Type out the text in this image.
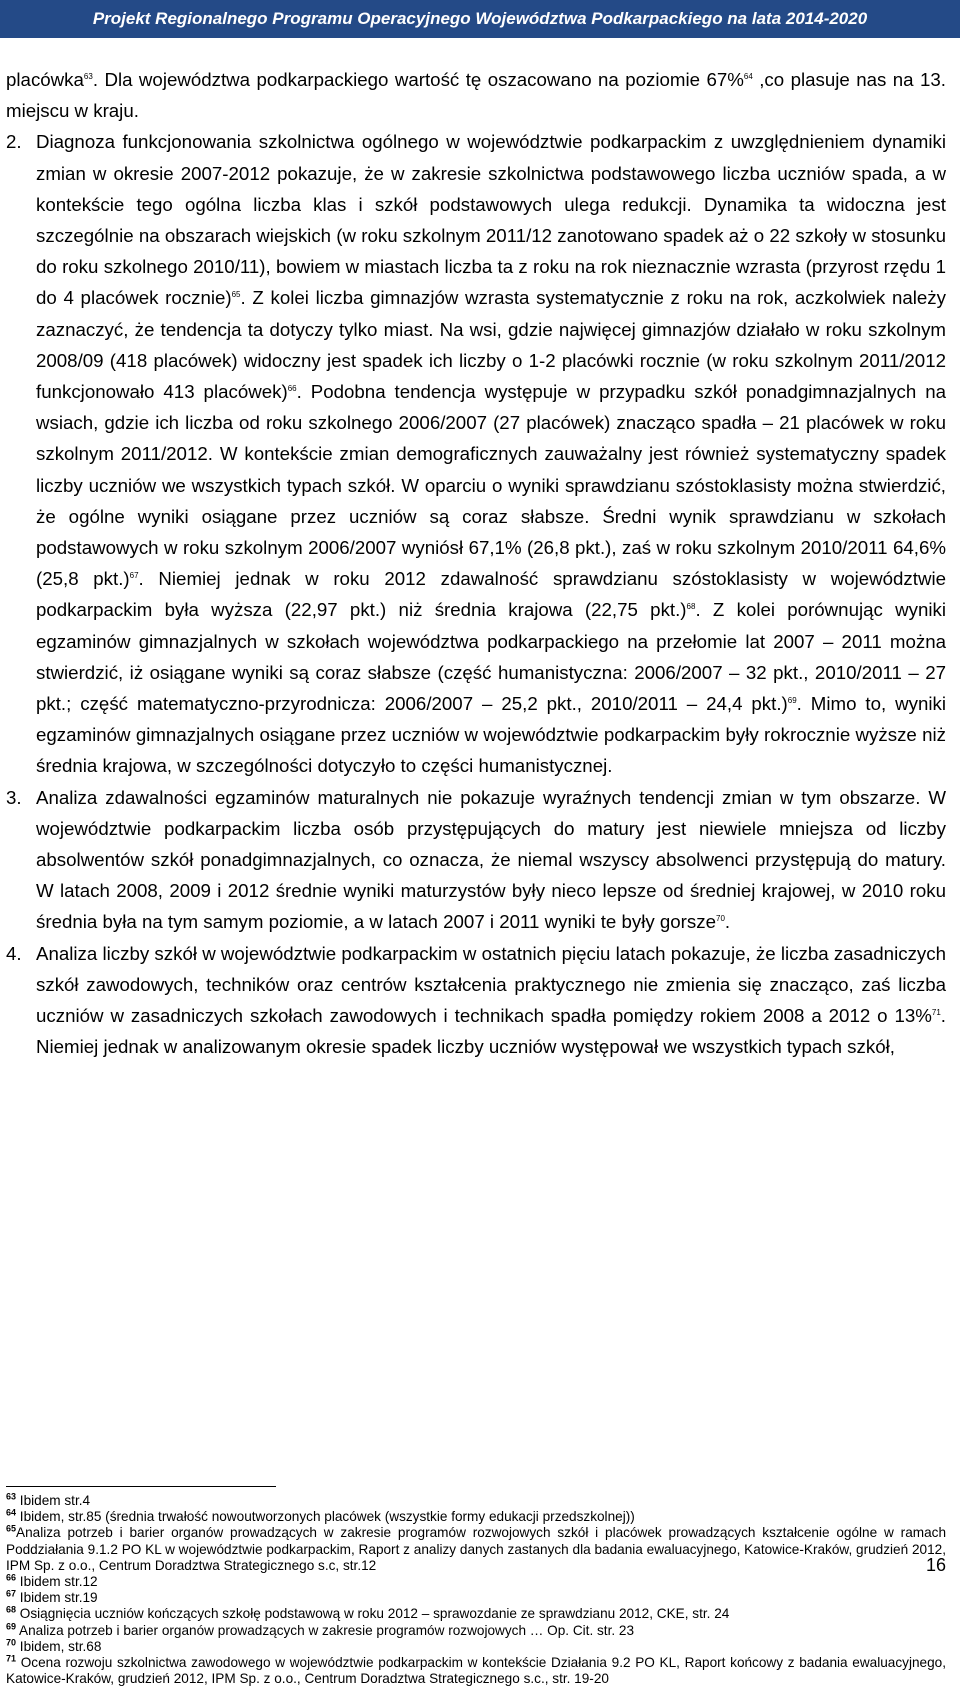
Projekt Regionalnego Programu Operacyjnego Województwa Podkarpackiego na lata 2014-2020

placówka$^{63}$. Dla województwa podkarpackiego wartość tę oszacowano na poziomie 67%$^{64}$ ,co plasuje nas na 13. miejscu w kraju.

2. Diagnoza funkcjonowania szkolnictwa ogólnego w województwie podkarpackim z uwzględnieniem dynamiki zmian w okresie 2007-2012 pokazuje, że w zakresie szkolnictwa podstawowego liczba uczniów spada, a w kontekście tego ogólna liczba klas i szkół podstawowych ulega redukcji. Dynamika ta widoczna jest szczególnie na obszarach wiejskich (w roku szkolnym 2011/12 zanotowano spadek aż o 22 szkoły w stosunku do roku szkolnego 2010/11), bowiem w miastach liczba ta z roku na rok nieznacznie wzrasta (przyrost rzędu 1 do 4 placówek rocznie)$^{65}$. Z kolei liczba gimnazjów wzrasta systematycznie z roku na rok, aczkolwiek należy zaznaczyć, że tendencja ta dotyczy tylko miast. Na wsi, gdzie najwięcej gimnazjów działało w roku szkolnym 2008/09 (418 placówek) widoczny jest spadek ich liczby o 1-2 placówki rocznie (w roku szkolnym 2011/2012 funkcjonowało 413 placówek)$^{66}$. Podobna tendencja występuje w przypadku szkół ponadgimnazjalnych na wsiach, gdzie ich liczba od roku szkolnego 2006/2007 (27 placówek) znacząco spadła – 21 placówek w roku szkolnym 2011/2012. W kontekście zmian demograficznych zauważalny jest również systematyczny spadek liczby uczniów we wszystkich typach szkół. W oparciu o wyniki sprawdzianu szóstoklasisty można stwierdzić, że ogólne wyniki osiągane przez uczniów są coraz słabsze. Średni wynik sprawdzianu w szkołach podstawowych w roku szkolnym 2006/2007 wyniósł 67,1% (26,8 pkt.), zaś w roku szkolnym 2010/2011 64,6% (25,8 pkt.)$^{67}$. Niemiej jednak w roku 2012 zdawalność sprawdzianu szóstoklasisty w województwie podkarpackim była wyższa (22,97 pkt.) niż średnia krajowa (22,75 pkt.)$^{68}$. Z kolei porównując wyniki egzaminów gimnazjalnych w szkołach województwa podkarpackiego na przełomie lat 2007 – 2011 można stwierdzić, iż osiągane wyniki są coraz słabsze (część humanistyczna: 2006/2007 – 32 pkt., 2010/2011 – 27 pkt.; część matematyczno-przyrodnicza: 2006/2007 – 25,2 pkt., 2010/2011 – 24,4 pkt.)$^{69}$. Mimo to, wyniki egzaminów gimnazjalnych osiągane przez uczniów w województwie podkarpackim były rokrocznie wyższe niż średnia krajowa, w szczególności dotyczyło to części humanistycznej.

3. Analiza zdawalności egzaminów maturalnych nie pokazuje wyraźnych tendencji zmian w tym obszarze. W województwie podkarpackim liczba osób przystępujących do matury jest niewiele mniejsza od liczby absolwentów szkół ponadgimnazjalnych, co oznacza, że niemal wszyscy absolwenci przystępują do matury. W latach 2008, 2009 i 2012 średnie wyniki maturzystów były nieco lepsze od średniej krajowej, w 2010 roku średnia była na tym samym poziomie, a w latach 2007 i 2011 wyniki te były gorsze$^{70}$.

4. Analiza liczby szkół w województwie podkarpackim w ostatnich pięciu latach pokazuje, że liczba zasadniczych szkół zawodowych, techników oraz centrów kształcenia praktycznego nie zmienia się znacząco, zaś liczba uczniów w zasadniczych szkołach zawodowych i technikach spadła pomiędzy rokiem 2008 a 2012 o 13%$^{71}$. Niemiej jednak w analizowanym okresie spadek liczby uczniów występował we wszystkich typach szkół,

$^{63}$ Ibidem str.4

$^{64}$ Ibidem, str.85 (średnia trwałość nowoutworzonych placówek (wszystkie formy edukacji przedszkolnej))

$^{65}$Analiza potrzeb i barier organów prowadzących w zakresie programów rozwojowych szkół i placówek prowadzących kształcenie ogólne w ramach Poddziałania 9.1.2 PO KL w województwie podkarpackim, Raport z analizy danych zastanych dla badania ewaluacyjnego, Katowice-Kraków, grudzień 2012, IPM Sp. z o.o., Centrum Doradztwa Strategicznego s.c, str.12

$^{66}$ Ibidem str.12

$^{67}$ Ibidem str.19

$^{68}$ Osiągnięcia uczniów kończących szkołę podstawową w roku 2012 – sprawozdanie ze sprawdzianu 2012, CKE, str. 24

$^{69}$ Analiza potrzeb i barier organów prowadzących w zakresie programów rozwojowych … Op. Cit. str. 23

$^{70}$ Ibidem, str.68

$^{71}$ Ocena rozwoju szkolnictwa zawodowego w województwie podkarpackim w kontekście Działania 9.2 PO KL, Raport końcowy z badania ewaluacyjnego, Katowice-Kraków, grudzień 2012, IPM Sp. z o.o., Centrum Doradztwa Strategicznego s.c., str. 19-20

16
